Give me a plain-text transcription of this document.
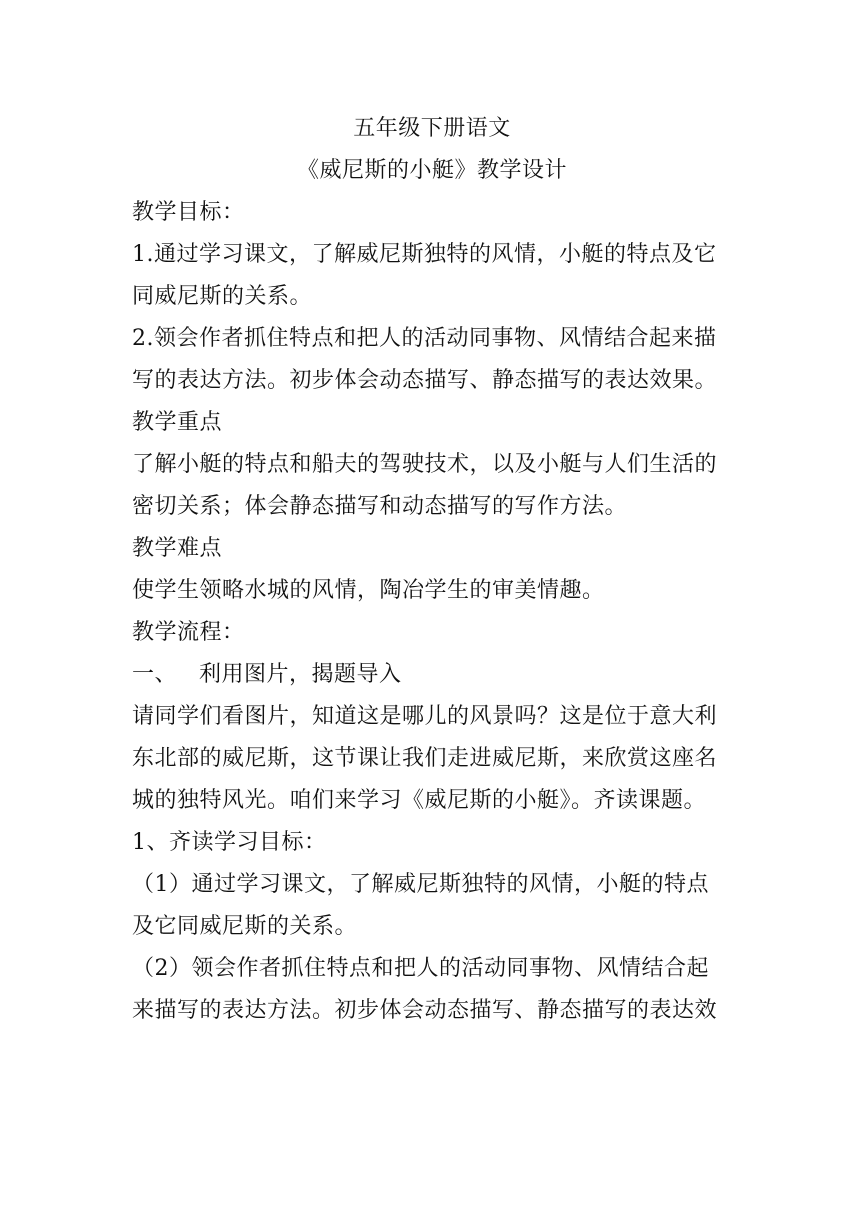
五年级下册语文
《威尼斯的小艇》教学设计
教学目标：
1.通过学习课文，了解威尼斯独特的风情，小艇的特点及它
同威尼斯的关系。
2.领会作者抓住特点和把人的活动同事物、风情结合起来描
写的表达方法。初步体会动态描写、静态描写的表达效果。
教学重点
了解小艇的特点和船夫的驾驶技术，以及小艇与人们生活的
密切关系；体会静态描写和动态描写的写作方法。
教学难点
使学生领略水城的风情，陶冶学生的审美情趣。
教学流程：
一、 利用图片，揭题导入
请同学们看图片，知道这是哪儿的风景吗？这是位于意大利
东北部的威尼斯，这节课让我们走进威尼斯，来欣赏这座名
城的独特风光。咱们来学习《威尼斯的小艇》。齐读课题。
1、齐读学习目标：
（1）通过学习课文，了解威尼斯独特的风情，小艇的特点
及它同威尼斯的关系。
（2）领会作者抓住特点和把人的活动同事物、风情结合起
来描写的表达方法。初步体会动态描写、静态描写的表达效
